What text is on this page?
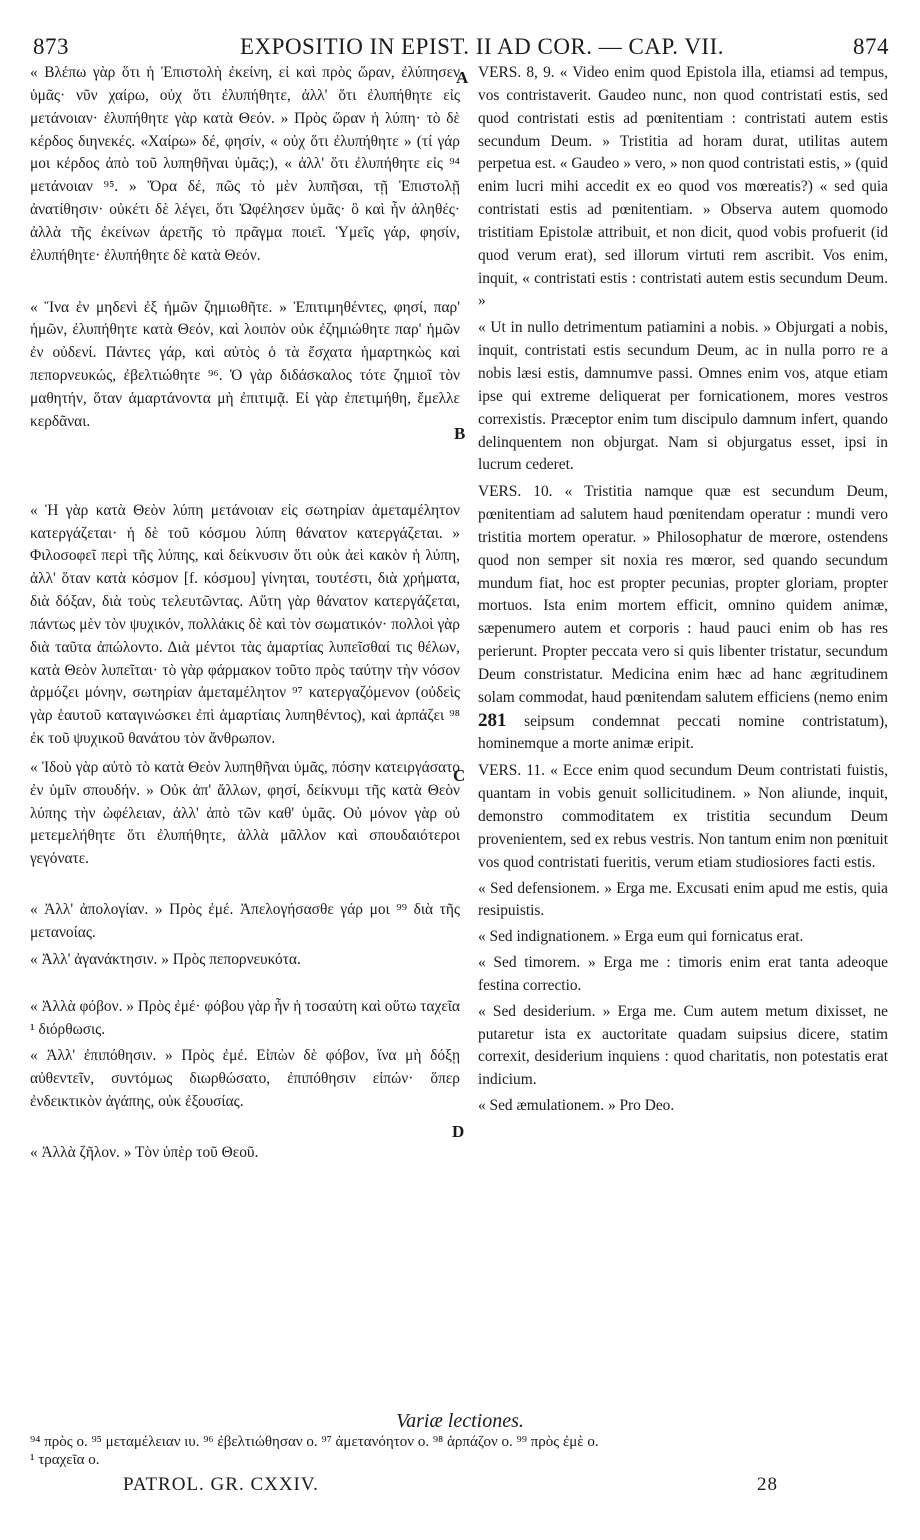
873	EXPOSITIO IN EPIST. II AD COR. — CAP. VII.	874

« Βλέπω γὰρ ὅτι ἡ Ἐπιστολὴ ἐκείνη, εἰ καὶ πρὸς ὥραν, ἐλύπησεν ὑμᾶς· νῦν χαίρω, οὐχ ὅτι ἐλυπήθητε, ἀλλ' ὅτι ἐλυπήθητε εἰς μετάνοιαν· ἐλυπήθητε γὰρ κατὰ Θεόν. » Πρὸς ὥραν ἡ λύπη· τὸ δὲ κέρδος διηνεκές. «Χαίρω» δέ, φησίν, « οὐχ ὅτι ἐλυπήθητε » (τί γάρ μοι κέρδος ἀπὸ τοῦ λυπηθῆναι ὑμᾶς;), « ἀλλ' ὅτι ἐλυπήθητε εἰς ⁹⁴ μετάνοιαν ⁹⁵. » Ὅρα δέ, πῶς τὸ μὲν λυπῆσαι, τῇ Ἐπιστολῇ ἀνατίθησιν· οὐκέτι δὲ λέγει, ὅτι Ὠφέλησεν ὑμᾶς· ὃ καὶ ἦν ἀληθές· ἀλλὰ τῆς ἐκείνων ἀρετῆς τὸ πρᾶγμα ποιεῖ. Ὑμεῖς γάρ, φησίν, ἐλυπήθητε· ἐλυπήθητε δὲ κατὰ Θεόν.

« Ἵνα ἐν μηδενὶ ἐξ ἡμῶν ζημιωθῆτε. » Ἐπιτιμηθέντες, φησί, παρ' ἡμῶν, ἐλυπήθητε κατὰ Θεόν, καὶ λοιπὸν οὐκ ἐζημιώθητε παρ' ἡμῶν ἐν οὐδενί. Πάντες γάρ, καὶ αὐτὸς ὁ τὰ ἔσχατα ἡμαρτηκὼς καὶ πεπορνευκώς, ἐβελτιώθητε ⁹⁶. Ὁ γὰρ διδάσκαλος τότε ζημιοῖ τὸν μαθητήν, ὅταν ἁμαρτάνοντα μὴ ἐπιτιμᾷ. Εἰ γὰρ ἐπετιμήθη, ἔμελλε κερδᾶναι.

« Ἡ γὰρ κατὰ Θεὸν λύπη μετάνοιαν εἰς σωτηρίαν ἀμεταμέλητον κατεργάζεται· ἡ δὲ τοῦ κόσμου λύπη θάνατον κατεργάζεται. » Φιλοσοφεῖ περὶ τῆς λύπης, καὶ δείκνυσιν ὅτι οὐκ ἀεὶ κακὸν ἡ λύπη, ἀλλ' ὅταν κατὰ κόσμον [f. κόσμου] γίνηται, τουτέστι, διὰ χρήματα, διὰ δόξαν, διὰ τοὺς τελευτῶντας. Αὕτη γὰρ θάνατον κατεργάζεται, πάντως μὲν τὸν ψυχικόν, πολλάκις δὲ καὶ τὸν σωματικόν· πολλοὶ γὰρ διὰ ταῦτα ἀπώλοντο. Διὰ μέντοι τὰς ἁμαρτίας λυπεῖσθαί τις θέλων, κατὰ Θεὸν λυπεῖται· τὸ γὰρ φάρμακον τοῦτο πρὸς ταύτην τὴν νόσον ἁρμόζει μόνην, σωτηρίαν ἀμεταμέλητον ⁹⁷ κατεργαζόμενον (οὐδεὶς γὰρ ἑαυτοῦ καταγινώσκει ἐπὶ ἁμαρτίαις λυπηθέντος), καὶ ἁρπάζει ⁹⁸ ἐκ τοῦ ψυχικοῦ θανάτου τὸν ἄνθρωπον.

« Ἰδοὺ γὰρ αὐτὸ τὸ κατὰ Θεὸν λυπηθῆναι ὑμᾶς, πόσην κατειργάσατο ἐν ὑμῖν σπουδήν. » Οὐκ ἀπ' ἄλλων, φησί, δείκνυμι τῆς κατὰ Θεὸν λύπης τὴν ὠφέλειαν, ἀλλ' ἀπὸ τῶν καθ' ὑμᾶς. Οὐ μόνον γὰρ οὐ μετεμελήθητε ὅτι ἐλυπήθητε, ἀλλὰ μᾶλλον καὶ σπουδαιότεροι γεγόνατε.

« Ἀλλ' ἀπολογίαν. » Πρὸς ἐμέ. Ἀπελογήσασθε γάρ μοι ⁹⁹ διὰ τῆς μετανοίας.

« Ἀλλ' ἀγανάκτησιν. » Πρὸς πεπορνευκότα.

« Ἀλλὰ φόβον. » Πρὸς ἐμέ· φόβου γὰρ ἦν ἡ τοσαύτη καὶ οὕτω ταχεῖα ¹ διόρθωσις.

« Ἀλλ' ἐπιπόθησιν. » Πρὸς ἐμέ. Εἰπὼν δὲ φόβον, ἵνα μὴ δόξῃ αὐθεντεῖν, συντόμως διωρθώσατο, ἐπιπόθησιν εἰπών· ὅπερ ἐνδεικτικὸν ἀγάπης, οὐκ ἐξουσίας.

« Ἀλλὰ ζῆλον. » Τὸν ὑπὲρ τοῦ Θεοῦ.

A
B
C
D

VERS. 8, 9. « Video enim quod Epistola illa, etiamsi ad tempus, vos contristaverit. Gaudeo nunc, non quod contristati estis, sed quod contristati estis ad pœnitentiam : contristati autem estis secundum Deum. » Tristitia ad horam durat, utilitas autem perpetua est. « Gaudeo » vero, » non quod contristati estis, » (quid enim lucri mihi accedit ex eo quod vos mœreatis?) « sed quia contristati estis ad pœnitentiam. » Observa autem quomodo tristitiam Epistolæ attribuit, et non dicit, quod vobis profuerit (id quod verum erat), sed illorum virtuti rem ascribit. Vos enim, inquit, « contristati estis : contristati autem estis secundum Deum. »

« Ut in nullo detrimentum patiamini a nobis. » Objurgati a nobis, inquit, contristati estis secundum Deum, ac in nulla porro re a nobis læsi estis, damnumve passi. Omnes enim vos, atque etiam ipse qui extreme deliquerat per fornicationem, mores vestros correxistis. Præceptor enim tum discipulo damnum infert, quando delinquentem non objurgat. Nam si objurgatus esset, ipsi in lucrum cederet.

VERS. 10. « Tristitia namque quæ est secundum Deum, pœnitentiam ad salutem haud pœnitendam operatur : mundi vero tristitia mortem operatur. » Philosophatur de mœrore, ostendens quod non semper sit noxia res mœror, sed quando secundum mundum fiat, hoc est propter pecunias, propter gloriam, propter mortuos. Ista enim mortem efficit, omnino quidem animæ, sæpenumero autem et corporis : haud pauci enim ob has res perierunt. Propter peccata vero si quis libenter tristatur, secundum Deum constristatur. Medicina enim hæc ad hanc ægritudinem solam commodat, haud pœnitendam salutem efficiens (nemo enim 281 seipsum condemnat peccati nomine contristatum), hominemque a morte animæ eripit.

VERS. 11. « Ecce enim quod secundum Deum contristati fuistis, quantam in vobis genuit sollicitudinem. » Non aliunde, inquit, demonstro commoditatem ex tristitia secundum Deum provenientem, sed ex rebus vestris. Non tantum enim non pœnituit vos quod contristati fueritis, verum etiam studiosiores facti estis.

« Sed defensionem. » Erga me. Excusati enim apud me estis, quia resipuistis.

« Sed indignationem. » Erga eum qui fornicatus erat.

« Sed timorem. » Erga me : timoris enim erat tanta adeoque festina correctio.

« Sed desiderium. » Erga me. Cum autem metum dixisset, ne putaretur ista ex auctoritate quadam suipsius dicere, statim correxit, desiderium inquiens : quod charitatis, non potestatis erat indicium.

« Sed æmulationem. » Pro Deo.

Variæ lectiones.
⁹⁴ πρὸς ο. ⁹⁵ μεταμέλειαν ιυ. ⁹⁶ ἐβελτιώθησαν ο. ⁹⁷ ἀμετανόητον ο. ⁹⁸ ἁρπάζον ο. ⁹⁹ πρὸς ἐμὲ ο.
¹ τραχεῖα ο.
PATROL. GR. CXXIV.	28
